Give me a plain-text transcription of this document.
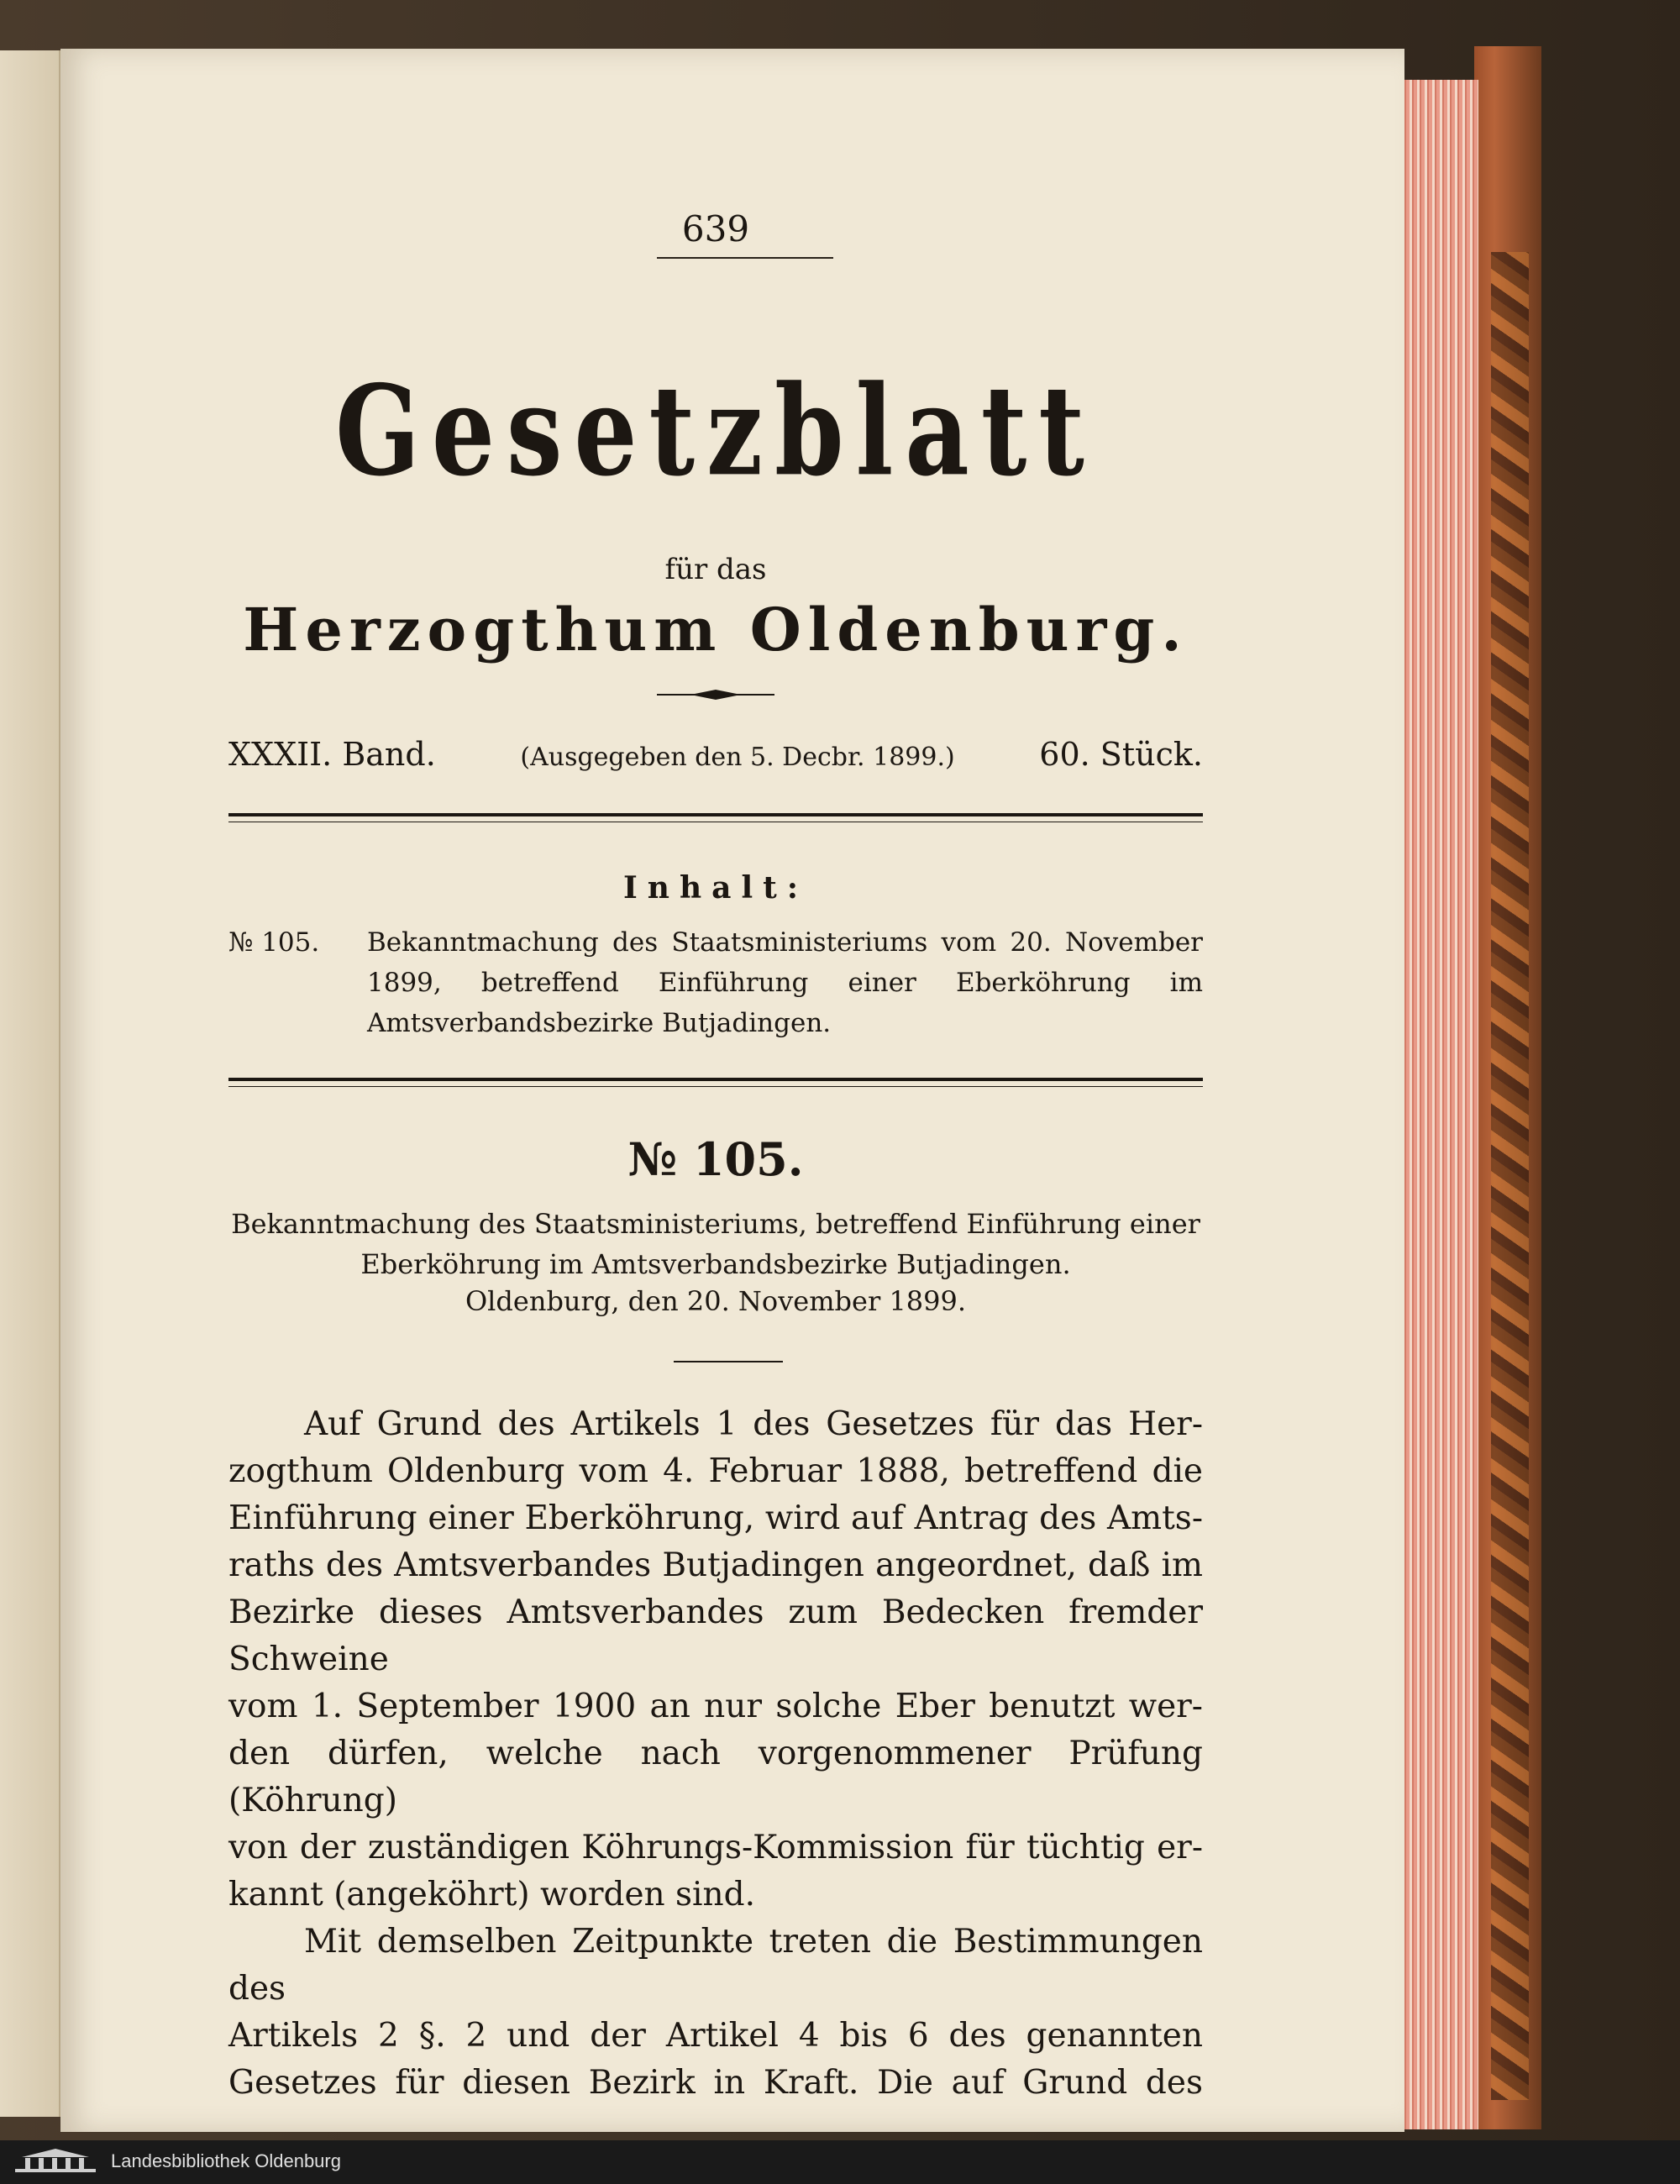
639
Gesetzblatt
für das
Herzogthum Oldenburg.
XXXII. Band.	(Ausgegeben den 5. Decbr. 1899.)	60. Stück.
Inhalt:
№ 105.	Bekanntmachung des Staatsministeriums vom 20. November 1899, betreffend Einführung einer Eberköhrung im Amtsverbandsbezirke Butjadingen.
№ 105.
Bekanntmachung des Staatsministeriums, betreffend Einführung einer
Eberköhrung im Amtsverbandsbezirke Butjadingen.
Oldenburg, den 20. November 1899.

Auf Grund des Artikels 1 des Gesetzes für das Her-

zogthum Oldenburg vom 4. Februar 1888, betreffend die

Einführung einer Eberköhrung, wird auf Antrag des Amts-

raths des Amtsverbandes Butjadingen angeordnet, daß im

Bezirke dieses Amtsverbandes zum Bedecken fremder Schweine

vom 1. September 1900 an nur solche Eber benutzt wer-

den dürfen, welche nach vorgenommener Prüfung (Köhrung)

von der zuständigen Köhrungs-Kommission für tüchtig er-

kannt (angeköhrt) worden sind.

Mit demselben Zeitpunkte treten die Bestimmungen des

Artikels 2 §. 2 und der Artikel 4 bis 6 des genannten

Gesetzes für diesen Bezirk in Kraft. Die auf Grund des

Landesbibliothek Oldenburg
